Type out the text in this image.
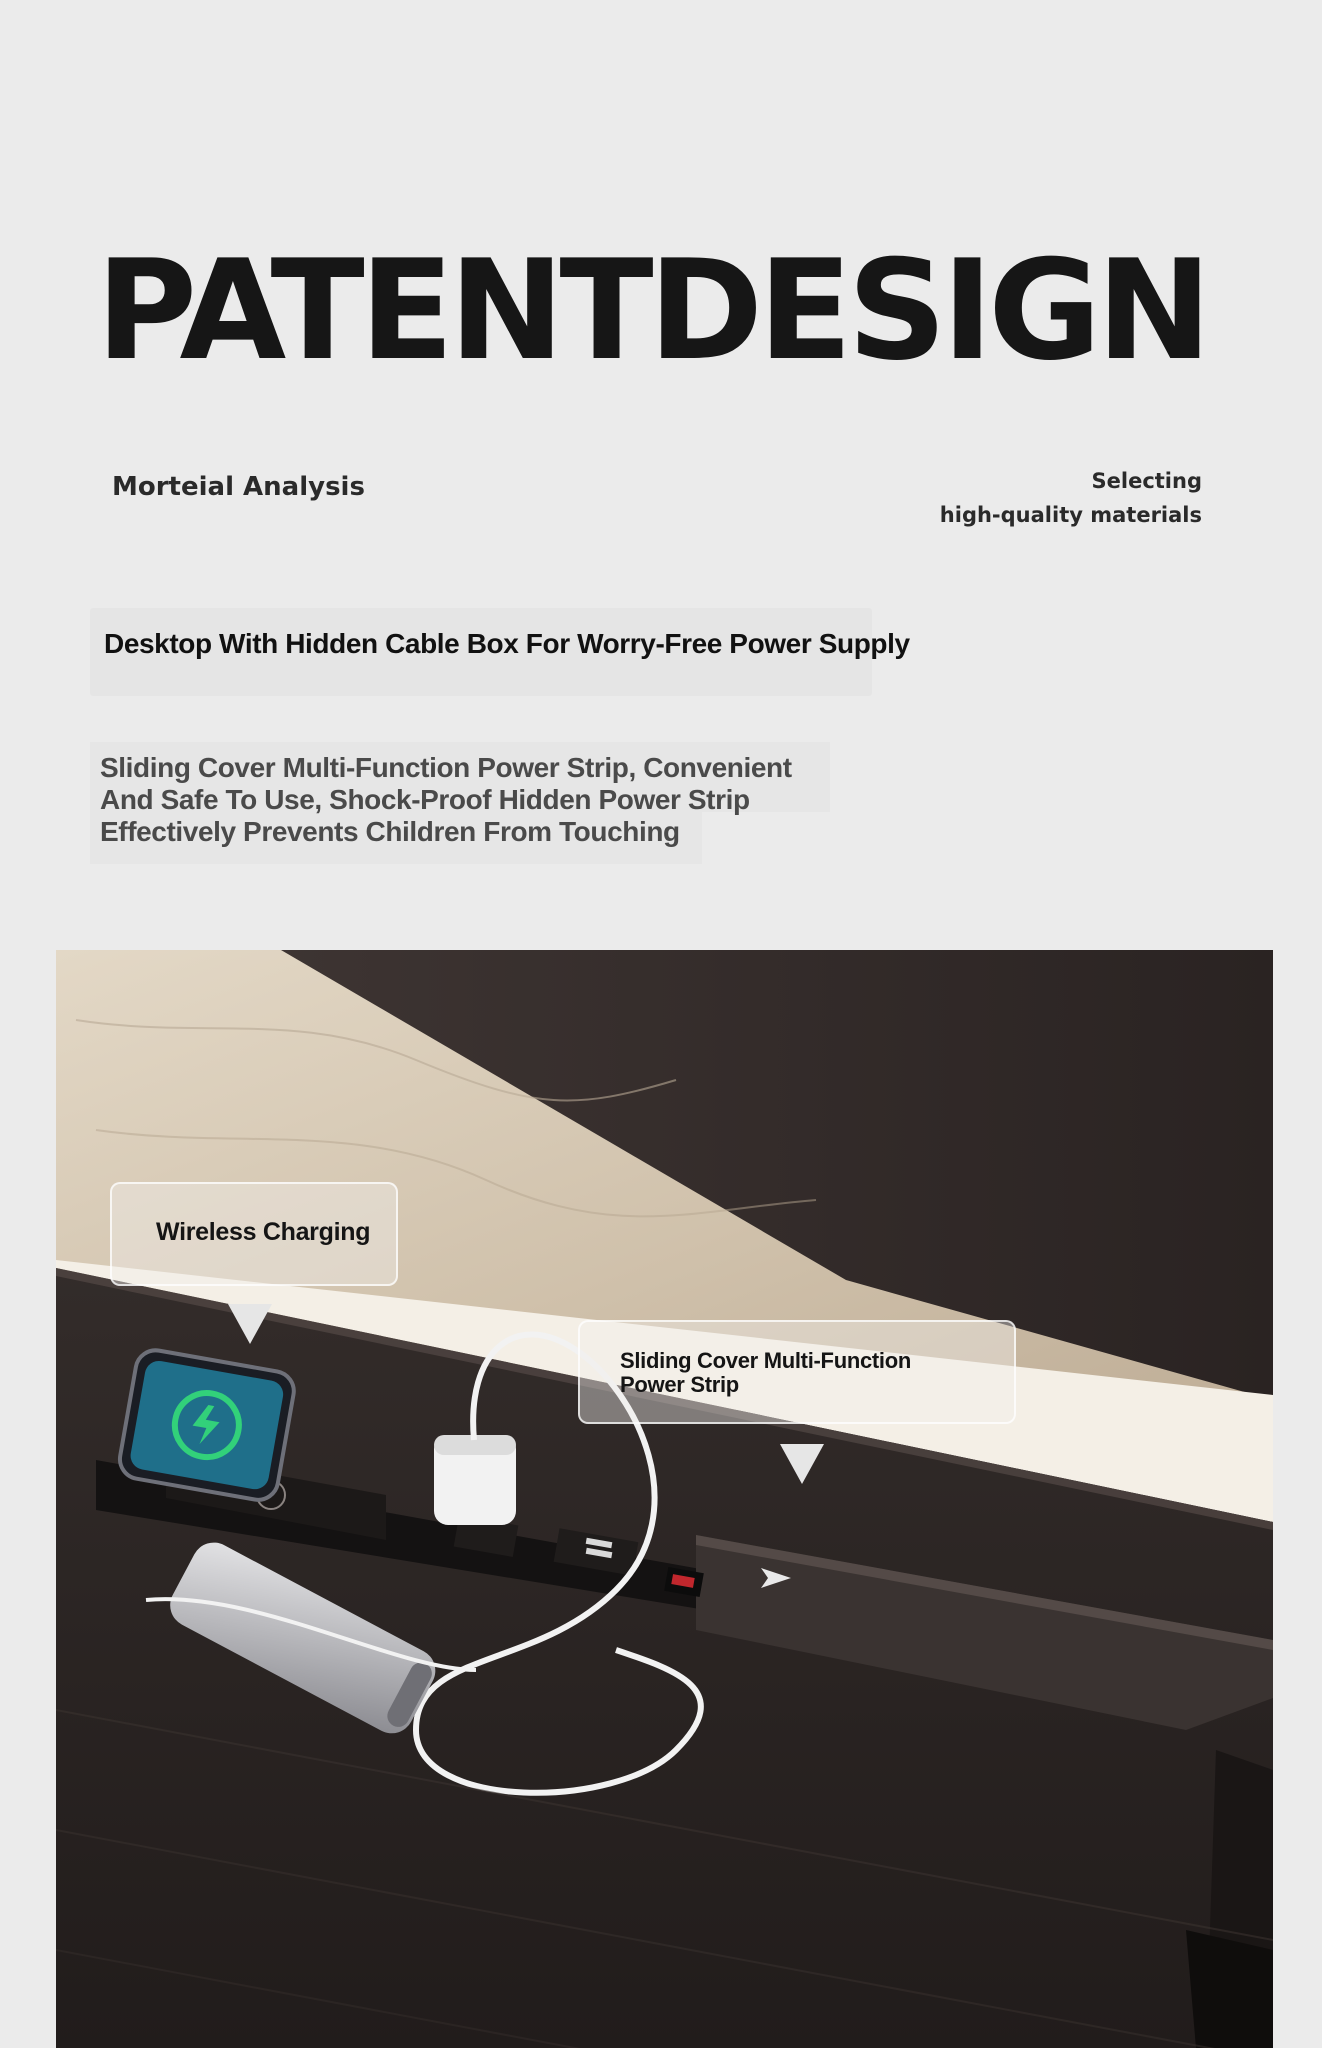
PATENT DESIGN
Morteial Analysis	Selecting
high-quality materials
Desktop With Hidden Cable Box For Worry-Free Power Supply
Sliding Cover Multi-Function Power Strip, Convenient
And Safe To Use, Shock-Proof Hidden Power Strip
Effectively Prevents Children From Touching
Wireless Charging
Sliding Cover Multi-Function
Power Strip
